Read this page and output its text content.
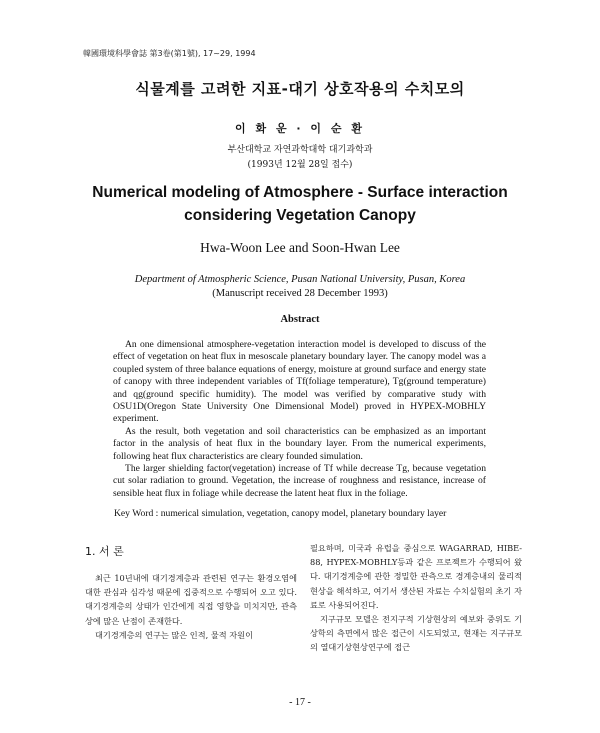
韓國環境科學會誌 第3卷(第1號), 17~29, 1994
식물계를 고려한 지표-대기 상호작용의 수치모의
이 화 운 · 이 순 환
부산대학교 자연과학대학 대기과학과
(1993년 12월 28일 접수)
Numerical modeling of Atmosphere - Surface interaction
considering Vegetation Canopy
Hwa-Woon Lee and Soon-Hwan Lee
Department of Atmospheric Science, Pusan National University, Pusan, Korea
(Manuscript received 28 December 1993)
Abstract

An one dimensional atmosphere-vegetation interaction model is developed to discuss of the effect of vegetation on heat flux in mesoscale planetary boundary layer. The canopy model was a coupled system of three balance equations of energy, moisture at ground surface and energy state of canopy with three independent variables of Tf(foliage temperature), Tg(ground temperature) and qg(ground specific humidity). The model was verified by comparative study with OSU1D(Oregon State University One Dimensional Model) proved in HYPEX-MOBHLY experiment.

As the result, both vegetation and soil characteristics can be emphasized as an important factor in the analysis of heat flux in the boundary layer. From the numerical experiments, following heat flux characteristics are cleary founded simulation.

The larger shielding factor(vegetation) increase of Tf while decrease Tg, because vegetation cut solar radiation to ground. Vegetation, the increase of roughness and resistance, increase of sensible heat flux in foliage while decrease the latent heat flux in the foliage.

Key Word : numerical simulation, vegetation, canopy model, planetary boundary layer
1. 서 론

최근 10년내에 대기경계층과 관련된 연구는 환경오염에 대한 관심과 심각성 때문에 집중적으로 수행되어 오고 있다. 대기경계층의 상태가 인간에게 직접 영향을 미치지만, 관측상에 많은 난점이 존재한다.

대기경계층의 연구는 많은 인적, 물적 자원이

필요하며, 미국과 유럽을 중심으로 WAGARRAD, HIBE-88, HYPEX-MOBHLY등과 같은 프로젝트가 수행되어 왔다. 대기경계층에 관한 정밀한 관측으로 경계층내의 물리적 현상을 해석하고, 여기서 생산된 자료는 수치실험의 초기 자료로 사용되어진다.

지구규모 모델은 전지구적 기상현상의 예보와 중위도 기상학의 측면에서 많은 접근이 시도되었고, 현재는 지구규모의 열대기상현상연구에 접근

- 17 -
